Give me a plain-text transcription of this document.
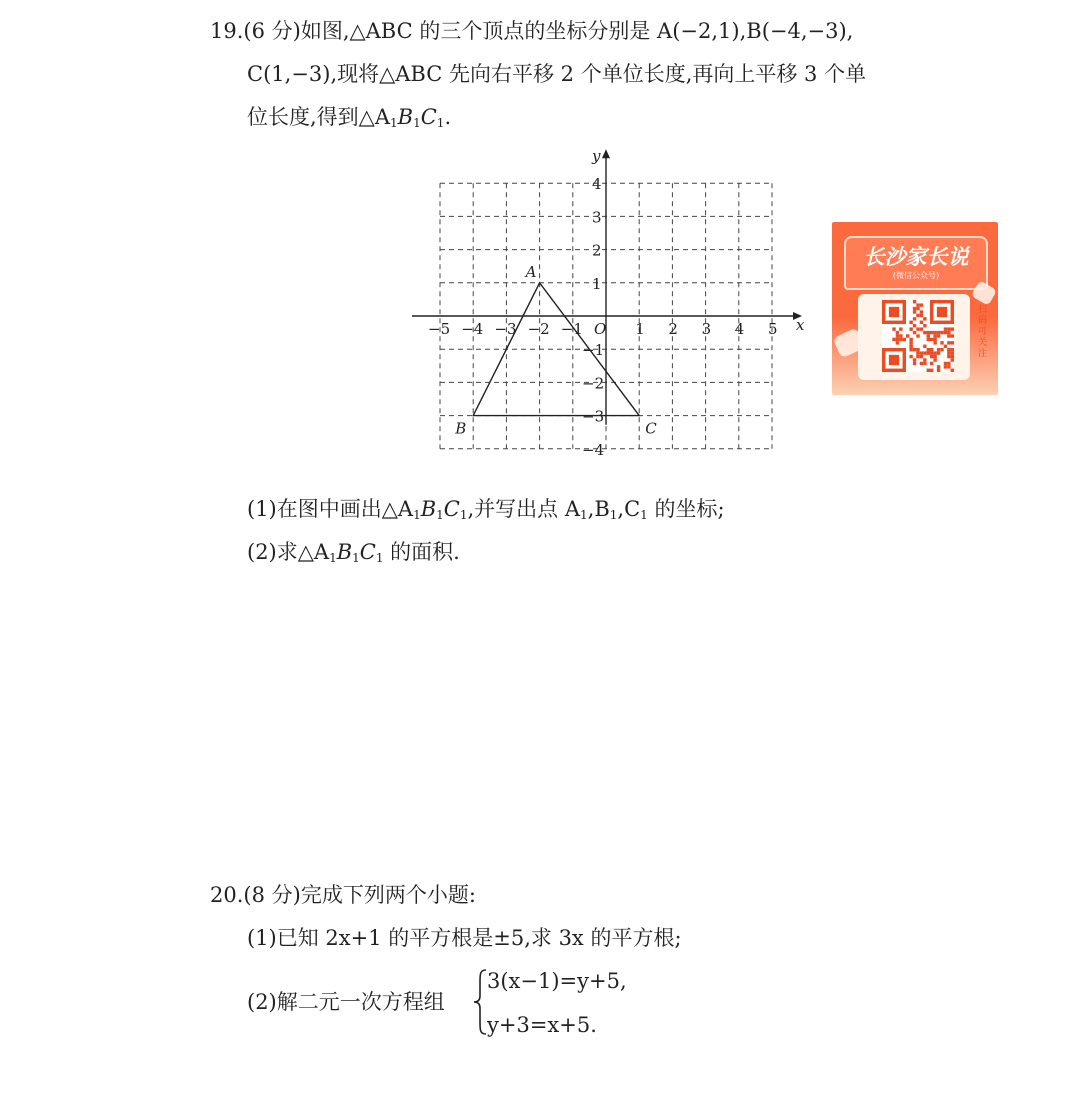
19.(6 分)如图,△ABC 的三个顶点的坐标分别是 A(−2,1),B(−4,−3),
C(1,−3),现将△ABC 先向右平移 2 个单位长度,再向上平移 3 个单
位长度,得到$\triangle A_1B_1C_1$.
x
y
O
−5 −4 −3 −2 −1	1 2 3 4 5
−4
−3
−2
−1
1
2
3
4
A
B	C
长沙家长说
(微信公众号)
扫码可关注
(1)在图中画出$\triangle A_1B_1C_1$,并写出点 $A_1,B_1,C_1$ 的坐标;
(2)求$\triangle A_1B_1C_1$ 的面积.
20.(8 分)完成下列两个小题:
(1)已知 2x+1 的平方根是±5,求 3x 的平方根;
(2)解二元一次方程组
3(x−1)=y+5,
y+3=x+5.
